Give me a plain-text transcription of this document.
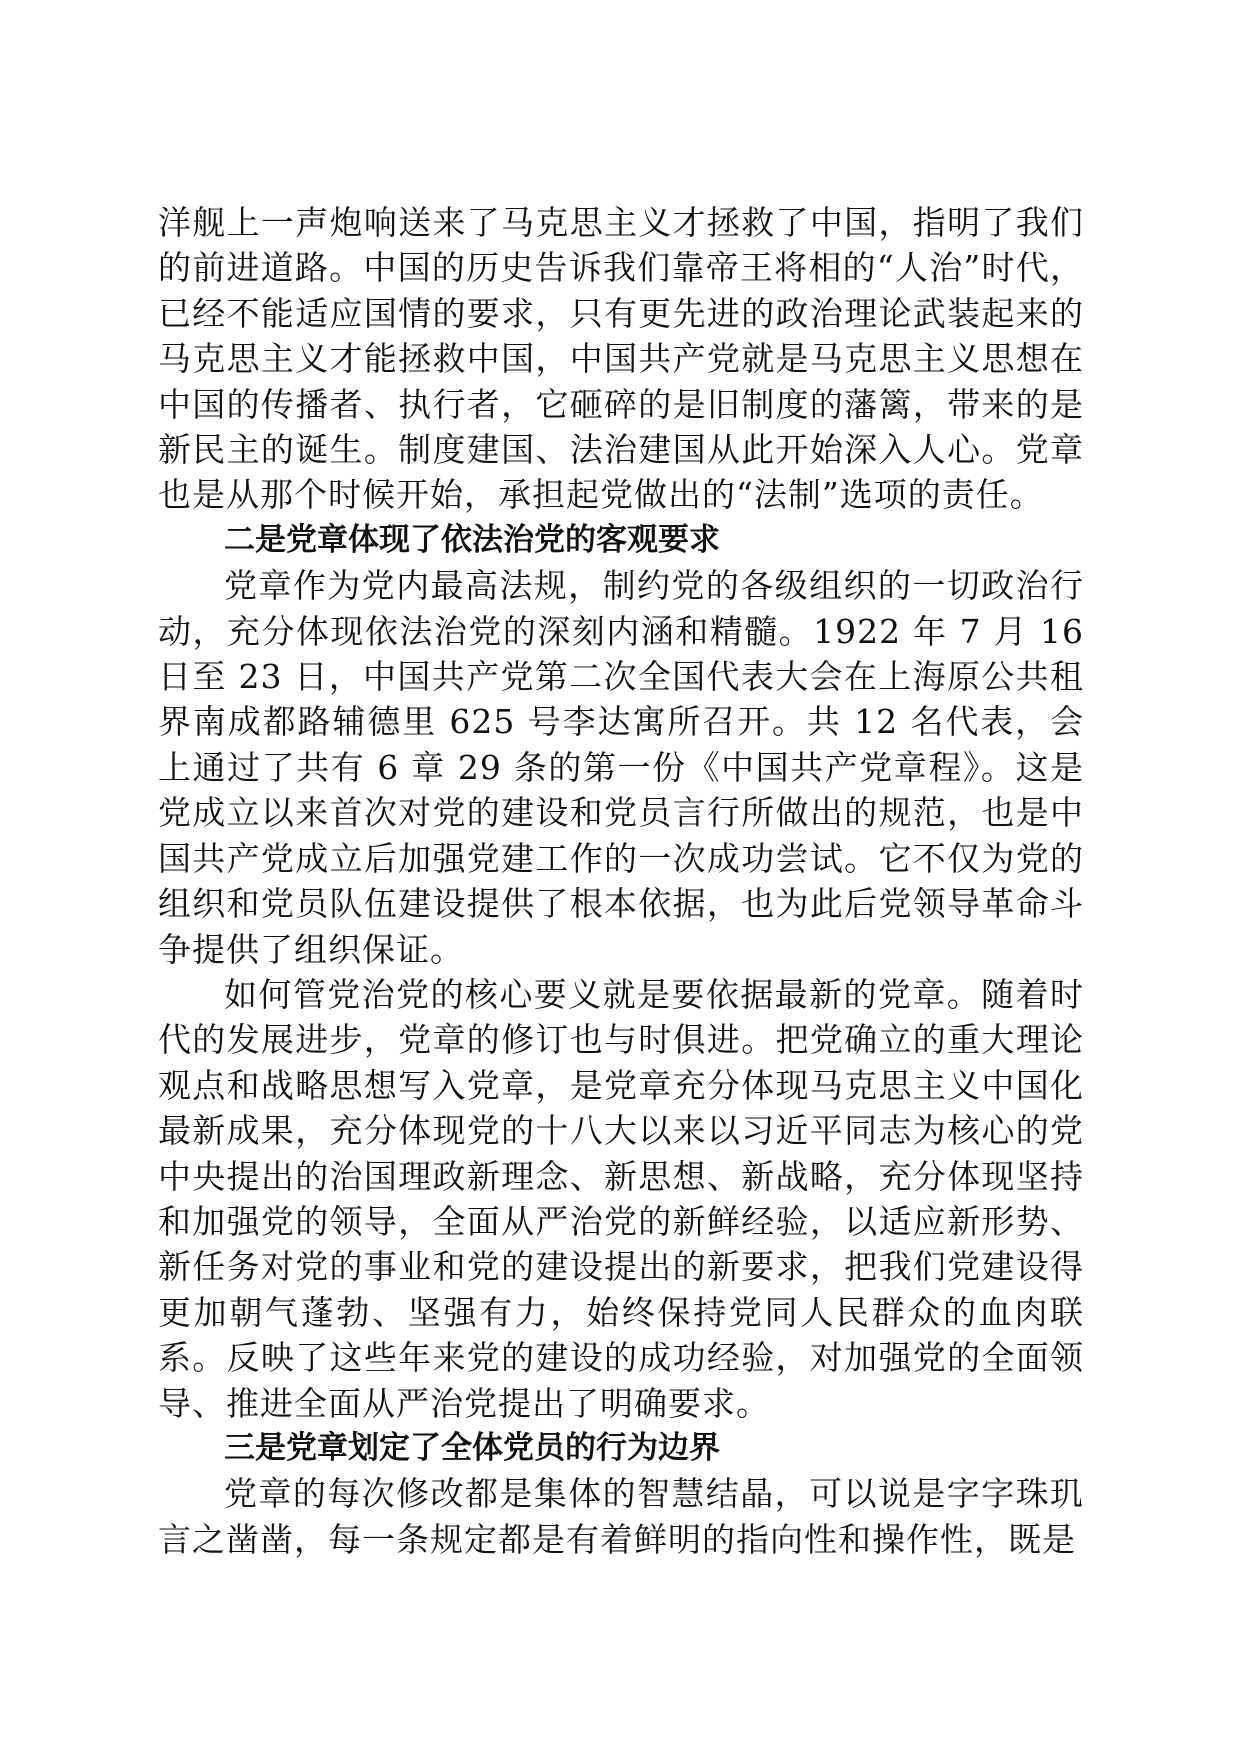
洋舰上一声炮响送来了马克思主义才拯救了中国，指明了我们的前进道路。中国的历史告诉我们靠帝王将相的“人治”时代，已经不能适应国情的要求，只有更先进的政治理论武装起来的马克思主义才能拯救中国，中国共产党就是马克思主义思想在中国的传播者、执行者，它砸碎的是旧制度的藩篱，带来的是新民主的诞生。制度建国、法治建国从此开始深入人心。党章也是从那个时候开始，承担起党做出的“法制”选项的责任。

二是党章体现了依法治党的客观要求

党章作为党内最高法规，制约党的各级组织的一切政治行动，充分体现依法治党的深刻内涵和精髓。1922 年 7 月 16 日至 23 日，中国共产党第二次全国代表大会在上海原公共租界南成都路辅德里 625 号李达寓所召开。共 12 名代表，会上通过了共有 6 章 29 条的第一份《中国共产党章程》。这是党成立以来首次对党的建设和党员言行所做出的规范，也是中国共产党成立后加强党建工作的一次成功尝试。它不仅为党的组织和党员队伍建设提供了根本依据，也为此后党领导革命斗争提供了组织保证。

如何管党治党的核心要义就是要依据最新的党章。随着时代的发展进步，党章的修订也与时俱进。把党确立的重大理论观点和战略思想写入党章，是党章充分体现马克思主义中国化最新成果，充分体现党的十八大以来以习近平同志为核心的党中央提出的治国理政新理念、新思想、新战略，充分体现坚持和加强党的领导，全面从严治党的新鲜经验，以适应新形势、新任务对党的事业和党的建设提出的新要求，把我们党建设得更加朝气蓬勃、坚强有力，始终保持党同人民群众的血肉联系。反映了这些年来党的建设的成功经验，对加强党的全面领导、推进全面从严治党提出了明确要求。

三是党章划定了全体党员的行为边界

党章的每次修改都是集体的智慧结晶，可以说是字字珠玑言之凿凿，每一条规定都是有着鲜明的指向性和操作性，既是
